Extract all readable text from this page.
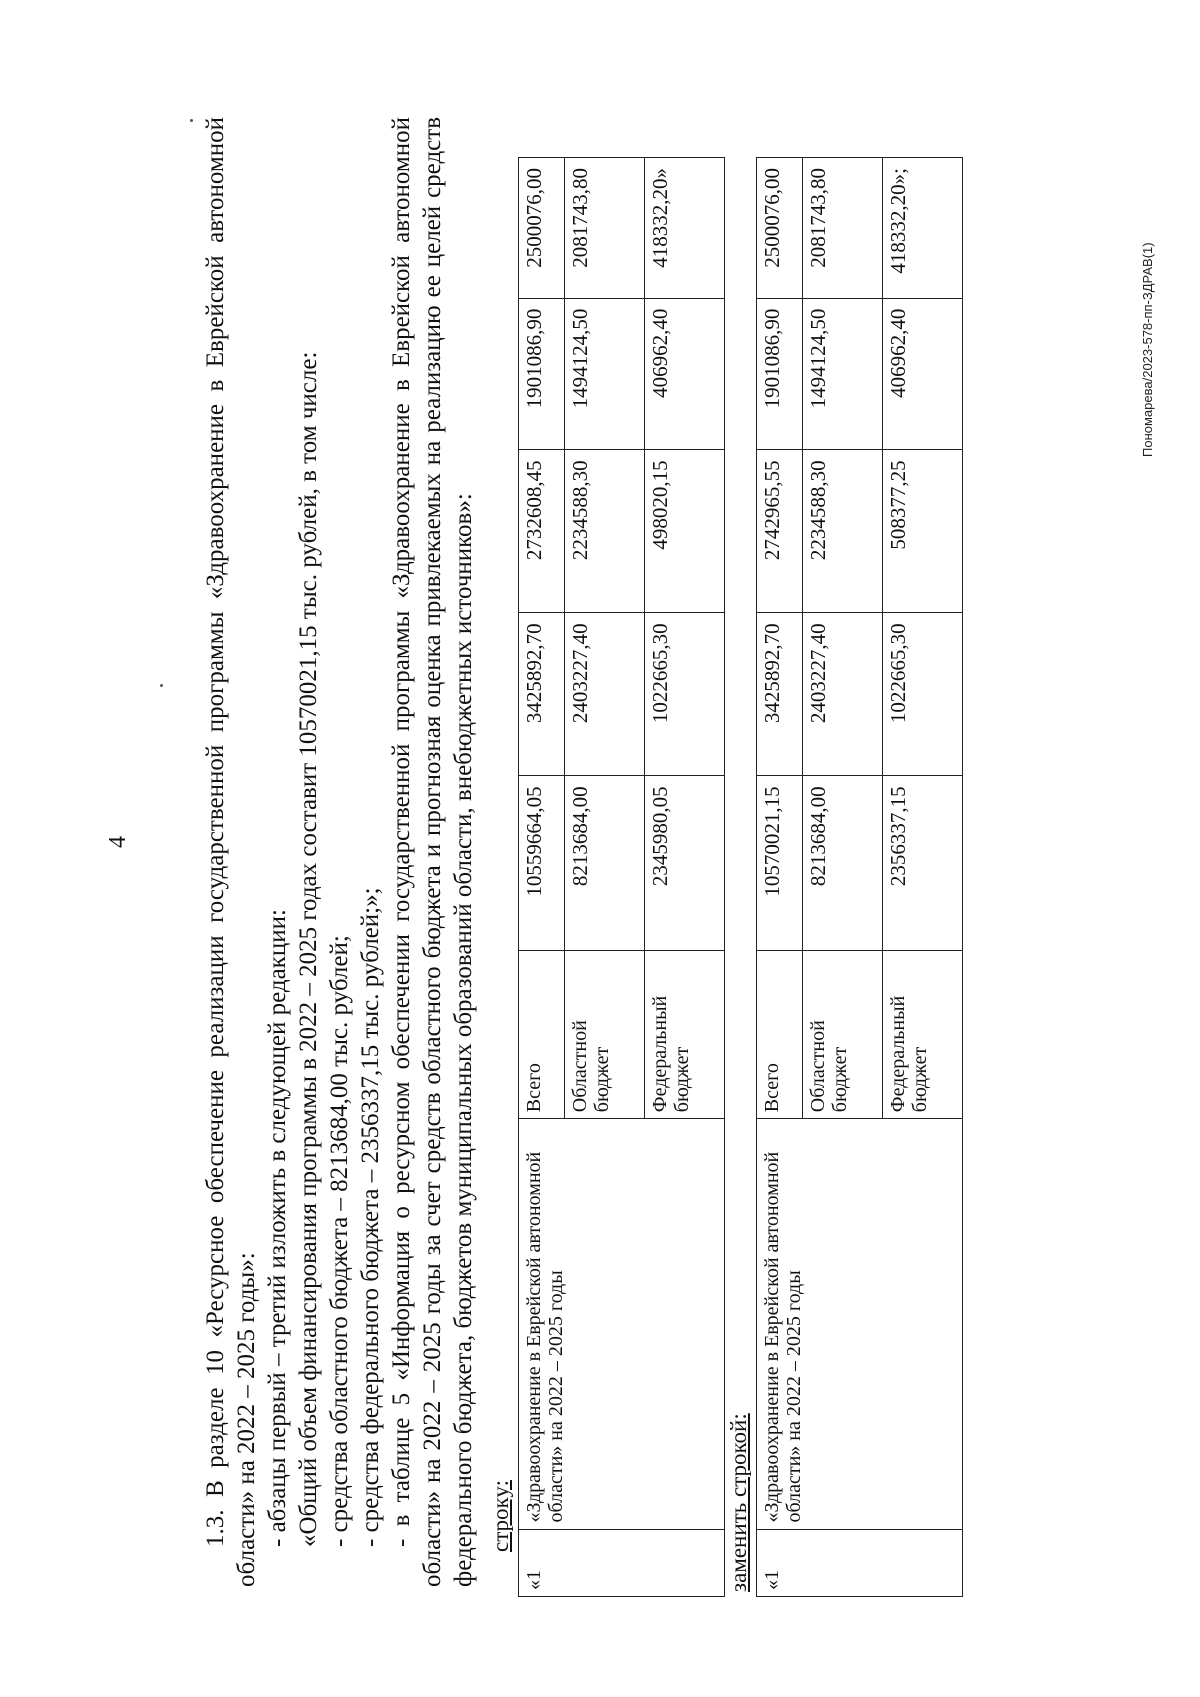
4	1.3. В разделе 10 «Ресурсное обеспечение реализации государственной программы «Здравоохранение в Еврейской автономной области» на 2022 – 2025 годы»: - абзацы первый – третий изложить в следующей редакции: «Общий объем финансирования программы в 2022 – 2025 годах составит 10570021,15 тыс. рублей, в том числе: - средства областного бюджета – 8213684,00 тыс. рублей; - средства федерального бюджета – 2356337,15 тыс. рублей;»; - в таблице 5 «Информация о ресурсном обеспечении государственной программы «Здравоохранение в Еврейской автономной области» на 2022 – 2025 годы за счет средств областного бюджета и прогнозная оценка привлекаемых на реализацию ее целей средств федерального бюджета, бюджетов муниципальных образований области, внебюджетных источников»: строку:
«1	«Здравоохранение в Еврейской автономной области» на 2022 – 2025 годы	Всего	10559664,05	3425892,70	2732608,45	1901086,90	2500076,00
		Областной бюджет	8213684,00	2403227,40	2234588,30	1494124,50	2081743,80
		Федеральный бюджет	2345980,05	1022665,30	498020,15	406962,40	418332,20»
заменить строкой: «1	«Здравоохранение в Еврейской автономной области» на 2022 – 2025 годы	Всего	10570021,15	3425892,70	2742965,55	1901086,90	2500076,00
		Областной бюджет	8213684,00	2403227,40	2234588,30	1494124,50	2081743,80
		Федеральный бюджет	2356337,15	1022665,30	508377,25	406962,40	418332,20»;
Пономарева/2023-578-пп-ЗДРАВ(1)
